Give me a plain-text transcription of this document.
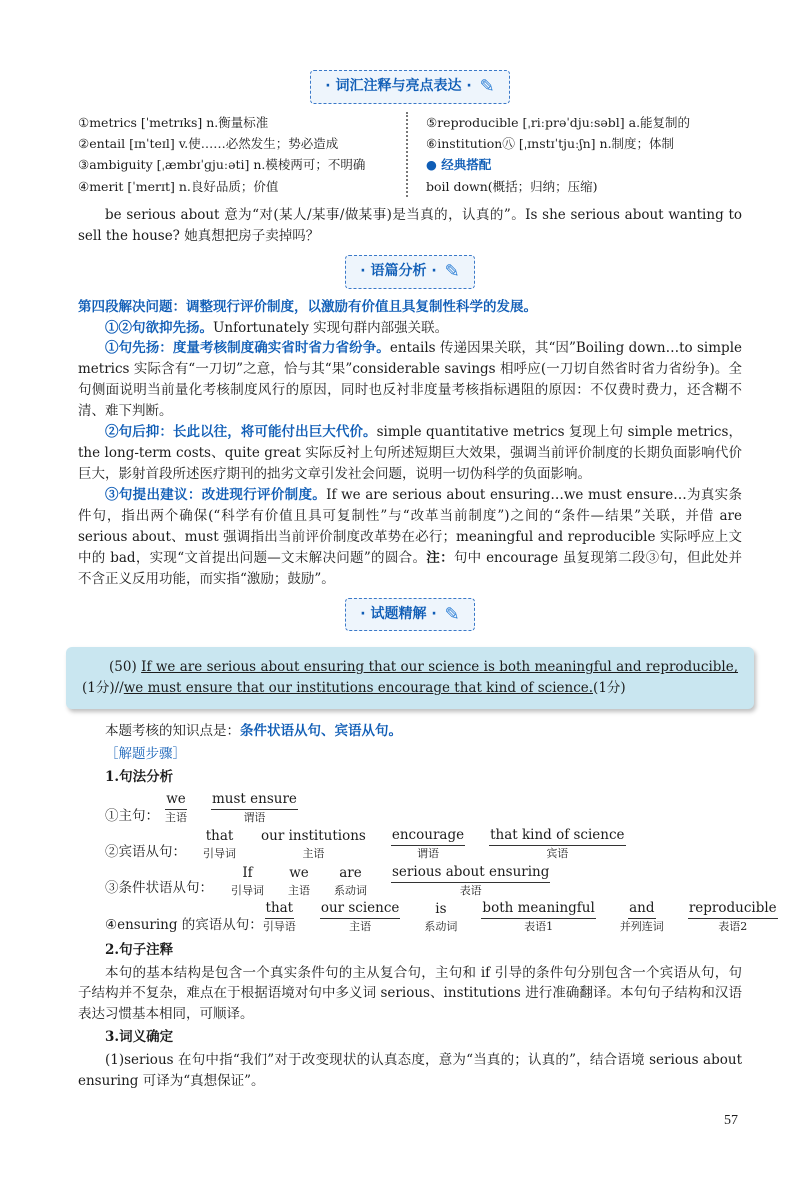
· 词汇注释与亮点表达 · ✎

①metrics [ˈmetrɪks] n.衡量标准

②entail [ɪnˈteɪl] v.使……必然发生；势必造成

③ambiguity [ˌæmbɪˈɡjuːəti] n.模棱两可；不明确

④merit [ˈmerɪt] n.良好品质；价值

⑤reproducible [ˌriːprəˈdjuːsəbl] a.能复制的

⑥institution㊇ [ˌɪnstɪˈtjuːʃn] n.制度；体制

● 经典搭配

boil down(概括；归纳；压缩)

be serious about 意为“对(某人/某事/做某事)是当真的，认真的”。Is she serious about wanting to sell the house? 她真想把房子卖掉吗？

· 语篇分析 · ✎

第四段解决问题：调整现行评价制度，以激励有价值且具复制性科学的发展。

①②句欲抑先扬。Unfortunately 实现句群内部强关联。

①句先扬：度量考核制度确实省时省力省纷争。entails 传递因果关联，其“因”Boiling down…to simple metrics 实际含有“一刀切”之意，恰与其“果”considerable savings 相呼应(一刀切自然省时省力省纷争)。全句侧面说明当前量化考核制度风行的原因，同时也反衬非度量考核指标遇阻的原因：不仅费时费力，还含糊不清、难下判断。

②句后抑：长此以往，将可能付出巨大代价。simple quantitative metrics 复现上句 simple metrics，the long-term costs、quite great 实际反衬上句所述短期巨大效果，强调当前评价制度的长期负面影响代价巨大，影射首段所述医疗期刊的拙劣文章引发社会问题，说明一切伪科学的负面影响。

③句提出建议：改进现行评价制度。If we are serious about ensuring…we must ensure…为真实条件句，指出两个确保(“科学有价值且具可复制性”与“改革当前制度”)之间的“条件—结果”关联，并借 are serious about、must 强调指出当前评价制度改革势在必行；meaningful and reproducible 实际呼应上文中的 bad，实现“文首提出问题—文末解决问题”的圆合。注：句中 encourage 虽复现第二段③句，但此处并不含正义反用功能，而实指“激励；鼓励”。

· 试题精解 · ✎

(50) If we are serious about ensuring that our science is both meaningful and reproducible,(1分)//we must ensure that our institutions encourage that kind of science.(1分)

本题考核的知识点是：条件状语从句、宾语从句。

［解题步骤］

1.句法分析

①主句：
we
主语
must ensure
谓语
②宾语从句：
that
引导词
our institutions
主语
encourage
谓语
that kind of science
宾语
③条件状语从句：
If
引导词
we
主语
are
系动词
serious about ensuring
表语
④ensuring 的宾语从句：
that
引导语
our science
主语
is
系动词
both meaningful
表语1
and
并列连词
reproducible
表语2

2.句子注释

本句的基本结构是包含一个真实条件句的主从复合句，主句和 if 引导的条件句分别包含一个宾语从句，句子结构并不复杂，难点在于根据语境对句中多义词 serious、institutions 进行准确翻译。本句句子结构和汉语表达习惯基本相同，可顺译。

3.词义确定

(1)serious 在句中指“我们”对于改变现状的认真态度，意为“当真的；认真的”，结合语境 serious about ensuring 可译为“真想保证”。

57
